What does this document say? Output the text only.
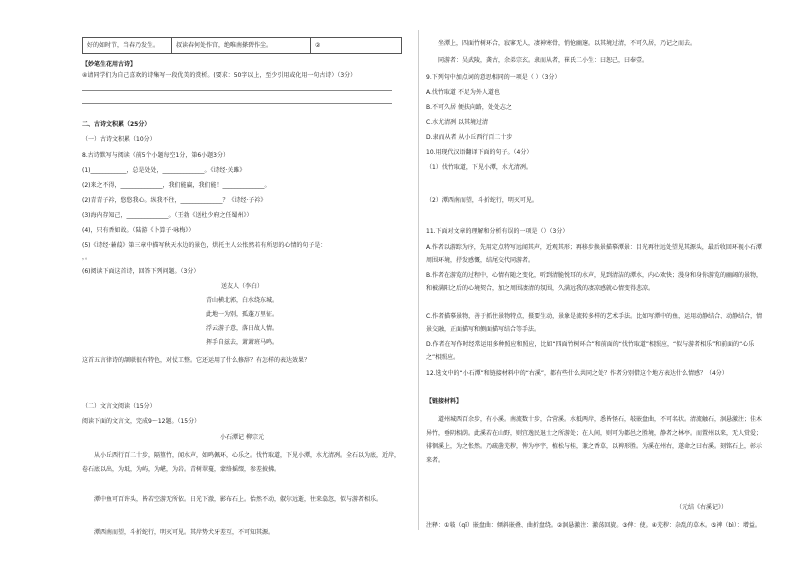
好的如时节，当春乃发生。	叔读春何处作宫，绝唯南搽碧作尘。	②

【妙笔生花用古诗】

④请同学们为自己喜欢的诗集写一段优美的赏析。(要求：50字以上，至少引用或化用一句古诗）（3分）

二、古诗文积累（25分）

（一）古诗文积累（10分）

8.古诗默写与阅读（前5个小题每空1分，第6小题3分）

(1)____________，总是处处，______________。《诗经·关雎》

(2)来之不得，______________，我们能赢，我们能！______________。

(2)青青子衿，悠悠我心。纵我不往，______________？《诗经·子衿》

(3)海内存知己，______________。（王勃《送杜少府之任蜀州》）

(4)，只有香如故。（陆游《卜算子·咏梅》）

(5)《诗经·蒹葭》第三章中描写秋天水边的景色，烘托主人公怅然若有所思的心情的句子是：

，。

(6)阅读下面这首诗，回答下列问题。（3分）

送友人（李白）

青山横北郭，白水绕东城。

此地一为别，孤蓬万里征。

浮云游子意，落日故人情。

挥手自兹去，萧萧班马鸣。

这首五言律诗的颔联很有特色，对仗工整。它还运用了什么修辞？有怎样的表达效果？

（二）文言文阅读（15分）

阅读下面的文言文，完成9～12题。（15分）

小石潭记 柳宗元

从小丘西行百二十步，隔篁竹，闻水声，如鸣佩环，心乐之。伐竹取道，下见小潭，水尤清冽。全石以为底，近岸，卷石底以出，为坻，为屿，为嵁，为岩。青树翠蔓，蒙络摇缀，参差披拂。

潭中鱼可百许头，皆若空游无所依。日光下澈，影布石上。佁然不动，俶尔远逝，往来翕忽，似与游者相乐。

潭西南而望，斗折蛇行，明灭可见。其岸势犬牙差互，不可知其源。

坐潭上，四面竹树环合，寂寥无人，凄神寒骨，悄怆幽邃。以其境过清，不可久居，乃记之而去。

同游者：吴武陵，龚古，余弟宗玄。隶而从者，崔氏二小生：曰恕己，曰奉壹。

9.下列句中加点词的意思相同的一项是（ ）（3分）

A.伐竹取道 不足为外人道也

B.不可久居 便扶向路，处处志之

C.水尤清冽 以其境过清

D.隶而从者 从小丘西行百二十步

10.用现代汉语翻译下面的句子。（4分）

（1）伐竹取道，下见小潭，水尤清冽。

（2）潭西南而望，斗折蛇行，明灭可见。

11.下面对文章的理解和分析有误的一项是（）（3分）

A.作者以游踪为序，先用定点特写远闻其声，近观其形；再移步换景描摹潭景：目光再往远处望见其源头，最后收回环视小石潭周围环境，抒发感慨，结尾交代同游者。

B.作者在游览的过程中，心情有随之变化，听到清脆悦耳的水声，见到清洁的潭水，内心欢快；漫身和身你游览的幽阔的景物，和被满阳之后的心境契合，加之周围凄清的氛围，久满远我的凄凉感就心情变得悲凉。

C.作者描摹景物，善于抓住景物特点，摄要生动，景象是流转多样的艺术手法。比如写潭中的鱼，运用动静结合、动静结合，情景交融，正面描写和侧面描写结合等手法。

D.作者在写作时经常运用多种照应和照应，比如“四面竹树环合”和前面的“伐竹取道”相照应，“似与游者相乐”和前面的“心乐之”相照应。

12.选文中的“小石潭”和链接材料中的“右溪”，都有些什么共同之处？作者分别借这个地方表达什么情感？（4分）

【链接材料】

道州城西百余步，有小溪。南流数十步，合营溪。水抵两岸，悉皆怪石，攲嵌盘曲，不可名状。清流触石，洄悬激注；佳木异竹，垂阴相荫。此溪若在山野，则宜逸民退士之所游处；在人间，则可为都邑之胜境，静者之林亭。而置州以来，无人赏爱；徘徊溪上，为之怅然。乃疏凿芜秽，俾为亭宇，植松与桂，兼之香草，以裨形胜。为溪在州右，遂命之曰右溪。刻铭石上，彰示来者。

（元结《右溪记》）

注释：①攲（qī）嵌盘曲：倾斜嵌叠、曲折盘绕。②洄悬激注：激荡回旋。③俾：使。④芜秽：杂乱的草木。⑤裨（bì）：增益。
